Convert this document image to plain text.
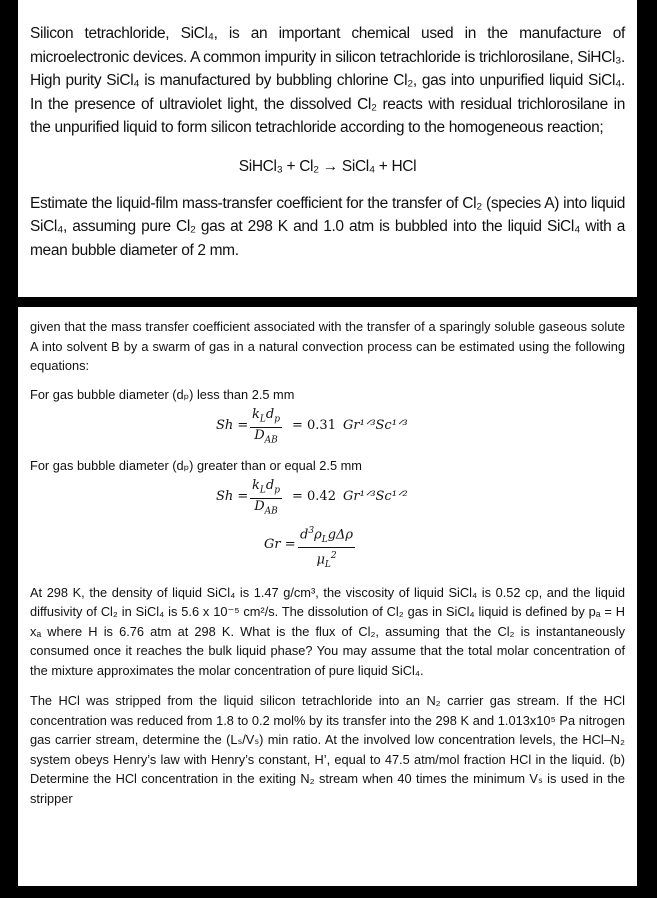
Silicon tetrachloride, SiCl₄, is an important chemical used in the manufacture of microelectronic devices. A common impurity in silicon tetrachloride is trichlorosilane, SiHCl₃. High purity SiCl₄ is manufactured by bubbling chlorine Cl₂, gas into unpurified liquid SiCl₄. In the presence of ultraviolet light, the dissolved Cl₂ reacts with residual trichlorosilane in the unpurified liquid to form silicon tetrachloride according to the homogeneous reaction;

SiHCl₃ + Cl₂ → SiCl₄ + HCl

Estimate the liquid-film mass-transfer coefficient for the transfer of Cl₂ (species A) into liquid SiCl₄, assuming pure Cl₂ gas at 298 K and 1.0 atm is bubbled into the liquid SiCl₄ with a mean bubble diameter of 2 mm.

given that the mass transfer coefficient associated with the transfer of a sparingly soluble gaseous solute A into solvent B by a swarm of gas in a natural convection process can be estimated using the following equations:

For gas bubble diameter (dₚ) less than 2.5 mm

Sh =
$k_Ld_p$
$D_{AB}$
= 0.31 Gr¹ᐟ³Sc¹ᐟ³

For gas bubble diameter (dₚ) greater than or equal 2.5 mm

Sh =
$k_Ld_p$
$D_{AB}$
= 0.42 Gr¹ᐟ³Sc¹ᐟ²
Gr =
$d^3\rho_Lg\Delta\rho$
$\mu_L^2$

At 298 K, the density of liquid SiCl₄ is 1.47 g/cm³, the viscosity of liquid SiCl₄ is 0.52 cp, and the liquid diffusivity of Cl₂ in SiCl₄ is 5.6 x 10⁻⁵ cm²/s. The dissolution of Cl₂ gas in SiCl₄ liquid is defined by pₐ = H xₐ where H is 6.76 atm at 298 K. What is the flux of Cl₂, assuming that the Cl₂ is instantaneously consumed once it reaches the bulk liquid phase? You may assume that the total molar concentration of the mixture approximates the molar concentration of pure liquid SiCl₄.

The HCl was stripped from the liquid silicon tetrachloride into an N₂ carrier gas stream. If the HCl concentration was reduced from 1.8 to 0.2 mol% by its transfer into the 298 K and 1.013x10⁵ Pa nitrogen gas carrier stream, determine the (Lₛ/Vₛ) min ratio. At the involved low concentration levels, the HCl–N₂ system obeys Henry’s law with Henry’s constant, H’, equal to 47.5 atm/mol fraction HCl in the liquid. (b) Determine the HCl concentration in the exiting N₂ stream when 40 times the minimum Vₛ is used in the stripper
